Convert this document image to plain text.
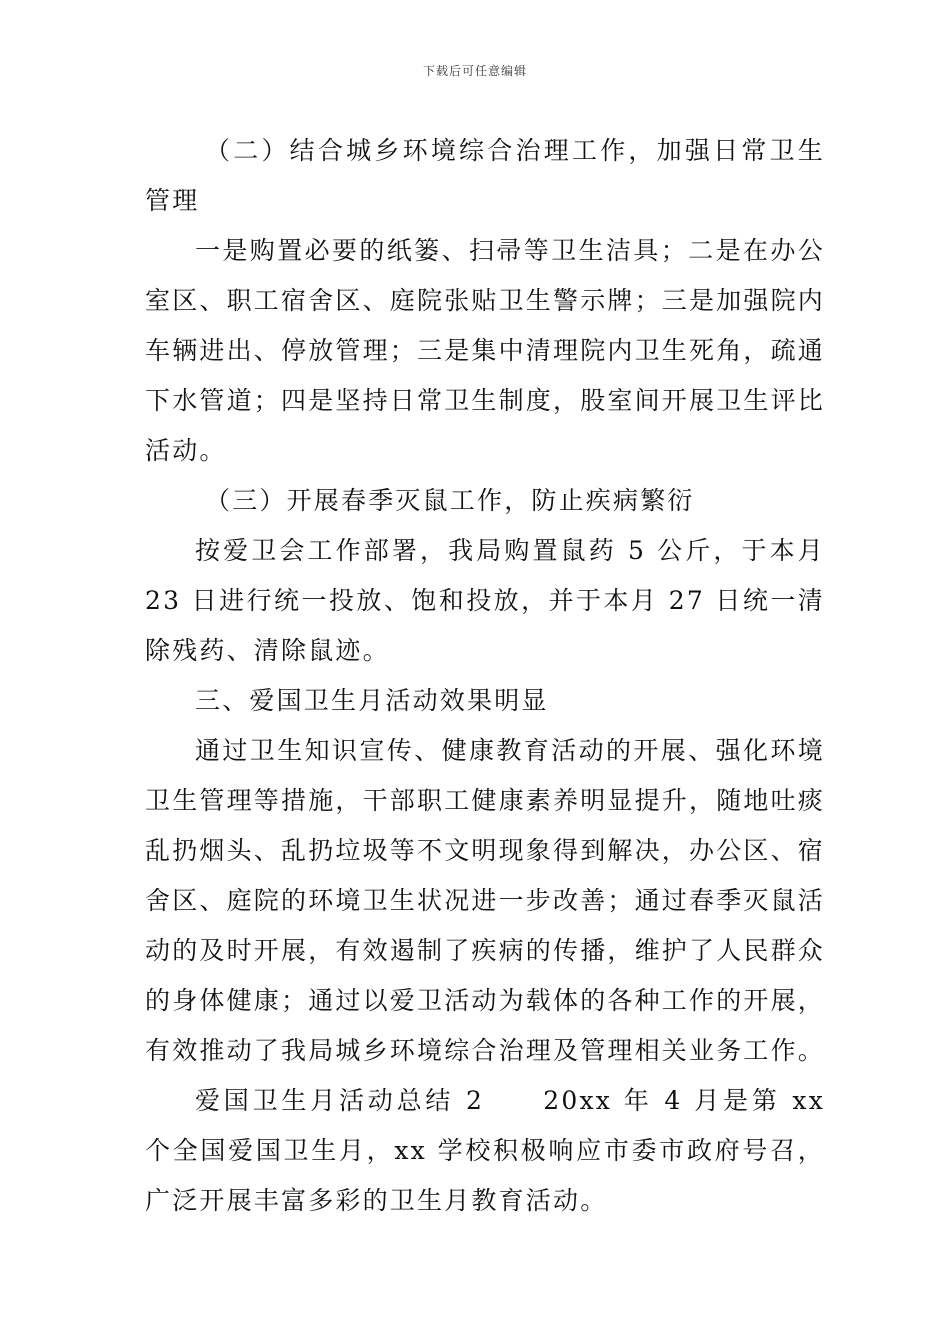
下载后可任意编辑

（二）结合城乡环境综合治理工作，加强日常卫生管理

一是购置必要的纸篓、扫帚等卫生洁具；二是在办公室区、职工宿舍区、庭院张贴卫生警示牌；三是加强院内车辆进出、停放管理；三是集中清理院内卫生死角，疏通下水管道；四是坚持日常卫生制度，股室间开展卫生评比活动。

（三）开展春季灭鼠工作，防止疾病繁衍

按爱卫会工作部署，我局购置鼠药 5 公斤，于本月 23 日进行统一投放、饱和投放，并于本月 27 日统一清除残药、清除鼠迹。

三、爱国卫生月活动效果明显

通过卫生知识宣传、健康教育活动的开展、强化环境卫生管理等措施，干部职工健康素养明显提升，随地吐痰乱扔烟头、乱扔垃圾等不文明现象得到解决，办公区、宿舍区、庭院的环境卫生状况进一步改善；通过春季灭鼠活动的及时开展，有效遏制了疾病的传播，维护了人民群众的身体健康；通过以爱卫活动为载体的各种工作的开展，有效推动了我局城乡环境综合治理及管理相关业务工作。

爱国卫生月活动总结 2　　20xx 年 4 月是第 xx 个全国爱国卫生月，xx 学校积极响应市委市政府号召，广泛开展丰富多彩的卫生月教育活动。
